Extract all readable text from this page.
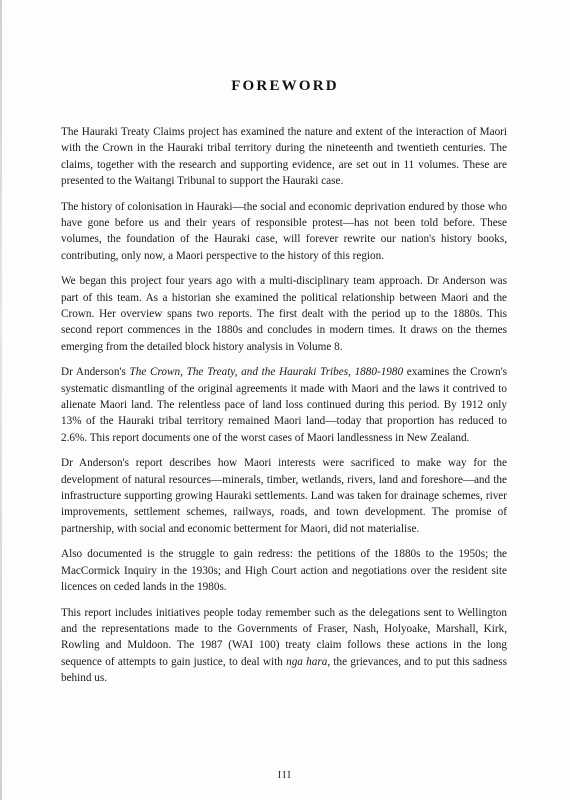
FOREWORD

The Hauraki Treaty Claims project has examined the nature and extent of the interaction of Maori with the Crown in the Hauraki tribal territory during the nineteenth and twentieth centuries. The claims, together with the research and supporting evidence, are set out in 11 volumes. These are presented to the Waitangi Tribunal to support the Hauraki case.

The history of colonisation in Hauraki—the social and economic deprivation endured by those who have gone before us and their years of responsible protest—has not been told before. These volumes, the foundation of the Hauraki case, will forever rewrite our nation's history books, contributing, only now, a Maori perspective to the history of this region.

We began this project four years ago with a multi-disciplinary team approach. Dr Anderson was part of this team. As a historian she examined the political relationship between Maori and the Crown. Her overview spans two reports. The first dealt with the period up to the 1880s. This second report commences in the 1880s and concludes in modern times. It draws on the themes emerging from the detailed block history analysis in Volume 8.

Dr Anderson's The Crown, The Treaty, and the Hauraki Tribes, 1880-1980 examines the Crown's systematic dismantling of the original agreements it made with Maori and the laws it contrived to alienate Maori land. The relentless pace of land loss continued during this period. By 1912 only 13% of the Hauraki tribal territory remained Maori land—today that proportion has reduced to 2.6%. This report documents one of the worst cases of Maori landlessness in New Zealand.

Dr Anderson's report describes how Maori interests were sacrificed to make way for the development of natural resources—minerals, timber, wetlands, rivers, land and foreshore—and the infrastructure supporting growing Hauraki settlements. Land was taken for drainage schemes, river improvements, settlement schemes, railways, roads, and town development. The promise of partnership, with social and economic betterment for Maori, did not materialise.

Also documented is the struggle to gain redress: the petitions of the 1880s to the 1950s; the MacCormick Inquiry in the 1930s; and High Court action and negotiations over the resident site licences on ceded lands in the 1980s.

This report includes initiatives people today remember such as the delegations sent to Wellington and the representations made to the Governments of Fraser, Nash, Holyoake, Marshall, Kirk, Rowling and Muldoon. The 1987 (WAI 100) treaty claim follows these actions in the long sequence of attempts to gain justice, to deal with nga hara, the grievances, and to put this sadness behind us.

III
